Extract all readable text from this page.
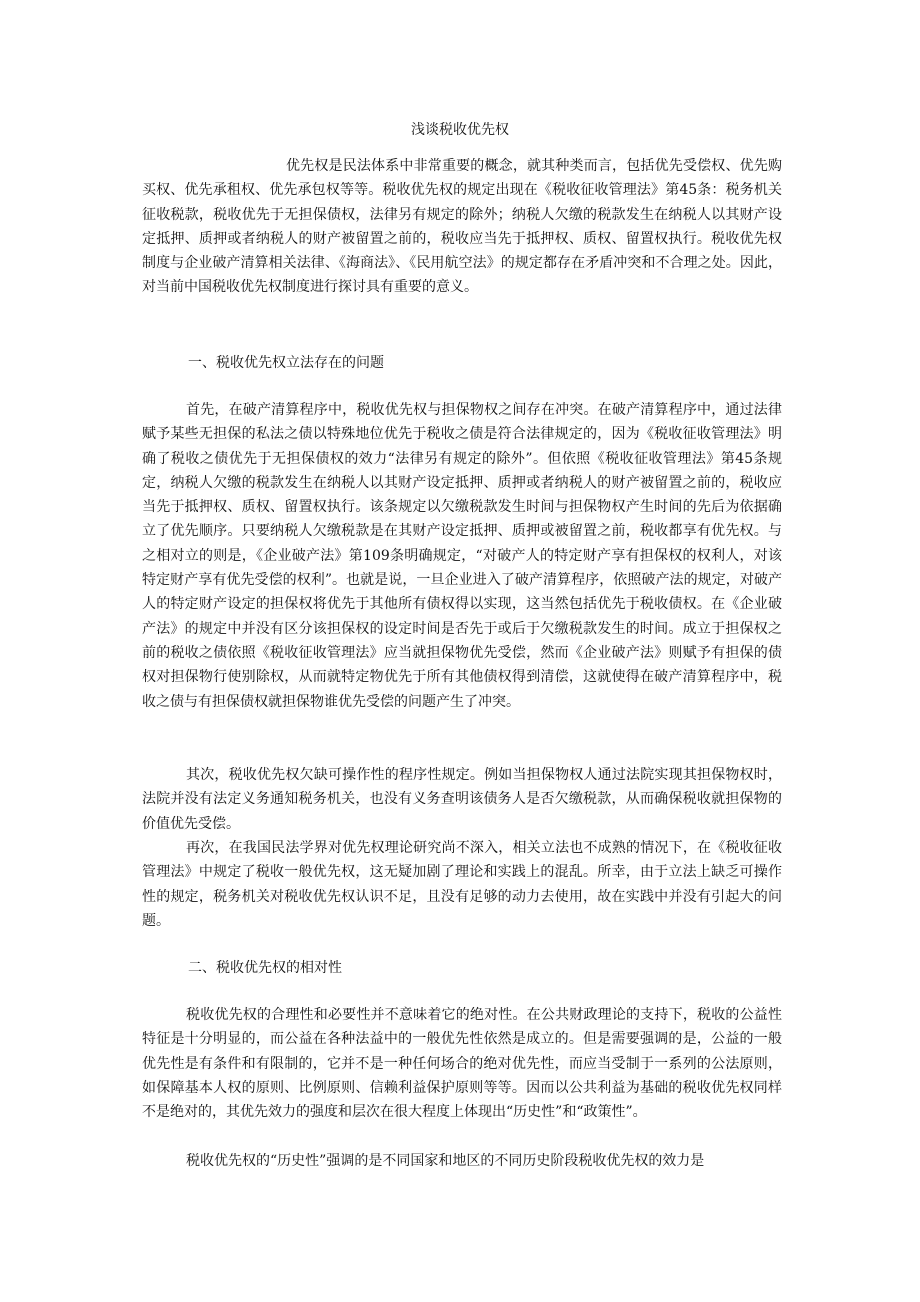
浅谈税收优先权

优先权是民法体系中非常重要的概念，就其种类而言，包括优先受偿权、优先购买权、优先承租权、优先承包权等等。税收优先权的规定出现在《税收征收管理法》第45条：税务机关征收税款，税收优先于无担保债权，法律另有规定的除外；纳税人欠缴的税款发生在纳税人以其财产设定抵押、质押或者纳税人的财产被留置之前的，税收应当先于抵押权、质权、留置权执行。税收优先权制度与企业破产清算相关法律、《海商法》、《民用航空法》的规定都存在矛盾冲突和不合理之处。因此，对当前中国税收优先权制度进行探讨具有重要的意义。

一、税收优先权立法存在的问题

首先，在破产清算程序中，税收优先权与担保物权之间存在冲突。在破产清算程序中，通过法律赋予某些无担保的私法之债以特殊地位优先于税收之债是符合法律规定的，因为《税收征收管理法》明确了税收之债优先于无担保债权的效力“法律另有规定的除外”。但依照《税收征收管理法》第45条规定，纳税人欠缴的税款发生在纳税人以其财产设定抵押、质押或者纳税人的财产被留置之前的，税收应当先于抵押权、质权、留置权执行。该条规定以欠缴税款发生时间与担保物权产生时间的先后为依据确立了优先顺序。只要纳税人欠缴税款是在其财产设定抵押、质押或被留置之前，税收都享有优先权。与之相对立的则是，《企业破产法》第109条明确规定，“对破产人的特定财产享有担保权的权利人，对该特定财产享有优先受偿的权利”。也就是说，一旦企业进入了破产清算程序，依照破产法的规定，对破产人的特定财产设定的担保权将优先于其他所有债权得以实现，这当然包括优先于税收债权。在《企业破产法》的规定中并没有区分该担保权的设定时间是否先于或后于欠缴税款发生的时间。成立于担保权之前的税收之债依照《税收征收管理法》应当就担保物优先受偿，然而《企业破产法》则赋予有担保的债权对担保物行使别除权，从而就特定物优先于所有其他债权得到清偿，这就使得在破产清算程序中，税收之债与有担保债权就担保物谁优先受偿的问题产生了冲突。

其次，税收优先权欠缺可操作性的程序性规定。例如当担保物权人通过法院实现其担保物权时，法院并没有法定义务通知税务机关，也没有义务查明该债务人是否欠缴税款，从而确保税收就担保物的价值优先受偿。

再次，在我国民法学界对优先权理论研究尚不深入，相关立法也不成熟的情况下，在《税收征收管理法》中规定了税收一般优先权，这无疑加剧了理论和实践上的混乱。所幸，由于立法上缺乏可操作性的规定，税务机关对税收优先权认识不足，且没有足够的动力去使用，故在实践中并没有引起大的问题。

二、税收优先权的相对性

税收优先权的合理性和必要性并不意味着它的绝对性。在公共财政理论的支持下，税收的公益性特征是十分明显的，而公益在各种法益中的一般优先性依然是成立的。但是需要强调的是，公益的一般优先性是有条件和有限制的，它并不是一种任何场合的绝对优先性，而应当受制于一系列的公法原则，如保障基本人权的原则、比例原则、信赖利益保护原则等等。因而以公共利益为基础的税收优先权同样不是绝对的，其优先效力的强度和层次在很大程度上体现出“历史性”和“政策性”。

税收优先权的“历史性”强调的是不同国家和地区的不同历史阶段税收优先权的效力是
